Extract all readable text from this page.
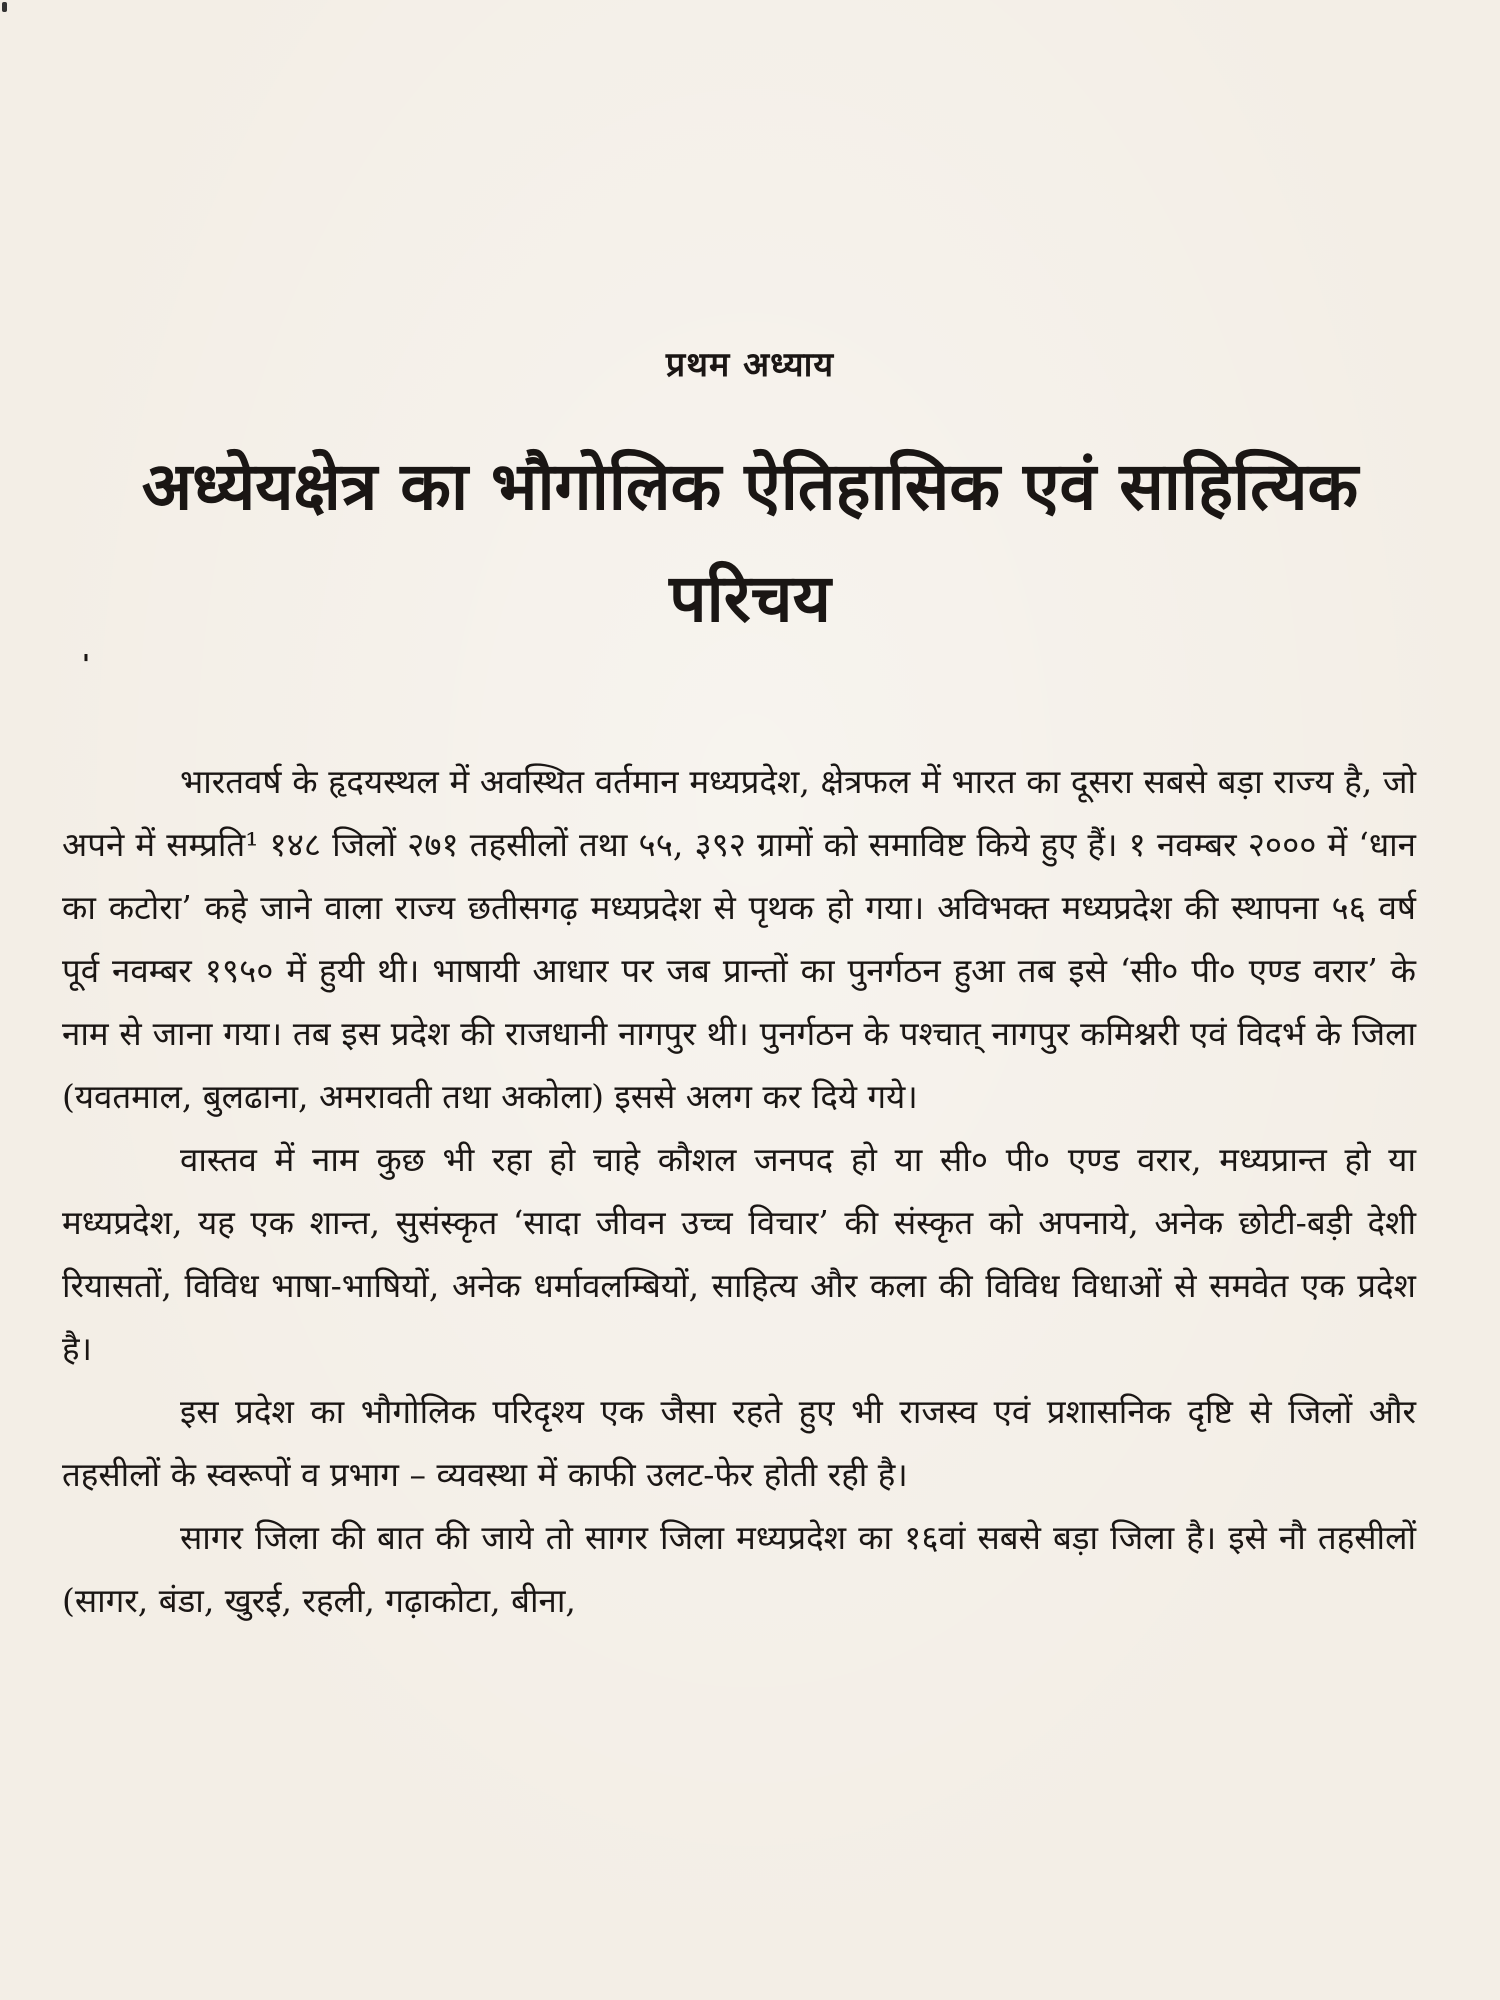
प्रथम अध्याय
अध्येयक्षेत्र का भौगोलिक ऐतिहासिक एवं साहित्यिक परिचय
'

भारतवर्ष के हृदयस्थल में अवस्थित वर्तमान मध्यप्रदेश, क्षेत्रफल में भारत का दूसरा सबसे बड़ा राज्य है, जो अपने में सम्प्रति¹ १४८ जिलों २७१ तहसीलों तथा ५५, ३९२ ग्रामों को समाविष्ट किये हुए हैं। १ नवम्बर २००० में ‘धान का कटोरा’ कहे जाने वाला राज्य छतीसगढ़ मध्यप्रदेश से पृथक हो गया। अविभक्त मध्यप्रदेश की स्थापना ५६ वर्ष पूर्व नवम्बर १९५० में हुयी थी। भाषायी आधार पर जब प्रान्तों का पुनर्गठन हुआ तब इसे ‘सी० पी० एण्ड वरार’ के नाम से जाना गया। तब इस प्रदेश की राजधानी नागपुर थी। पुनर्गठन के पश्चात् नागपुर कमिश्नरी एवं विदर्भ के जिला (यवतमाल, बुलढाना, अमरावती तथा अकोला) इससे अलग कर दिये गये।

वास्तव में नाम कुछ भी रहा हो चाहे कौशल जनपद हो या सी० पी० एण्ड वरार, मध्यप्रान्त हो या मध्यप्रदेश, यह एक शान्त, सुसंस्कृत ‘सादा जीवन उच्च विचार’ की संस्कृत को अपनाये, अनेक छोटी-बड़ी देशी रियासतों, विविध भाषा-भाषियों, अनेक धर्मावलम्बियों, साहित्य और कला की विविध विधाओं से समवेत एक प्रदेश है।

इस प्रदेश का भौगोलिक परिदृश्य एक जैसा रहते हुए भी राजस्व एवं प्रशासनिक दृष्टि से जिलों और तहसीलों के स्वरूपों व प्रभाग – व्यवस्था में काफी उलट-फेर होती रही है।

सागर जिला की बात की जाये तो सागर जिला मध्यप्रदेश का १६वां सबसे बड़ा जिला है। इसे नौ तहसीलों (सागर, बंडा, खुरई, रहली, गढ़ाकोटा, बीना,
